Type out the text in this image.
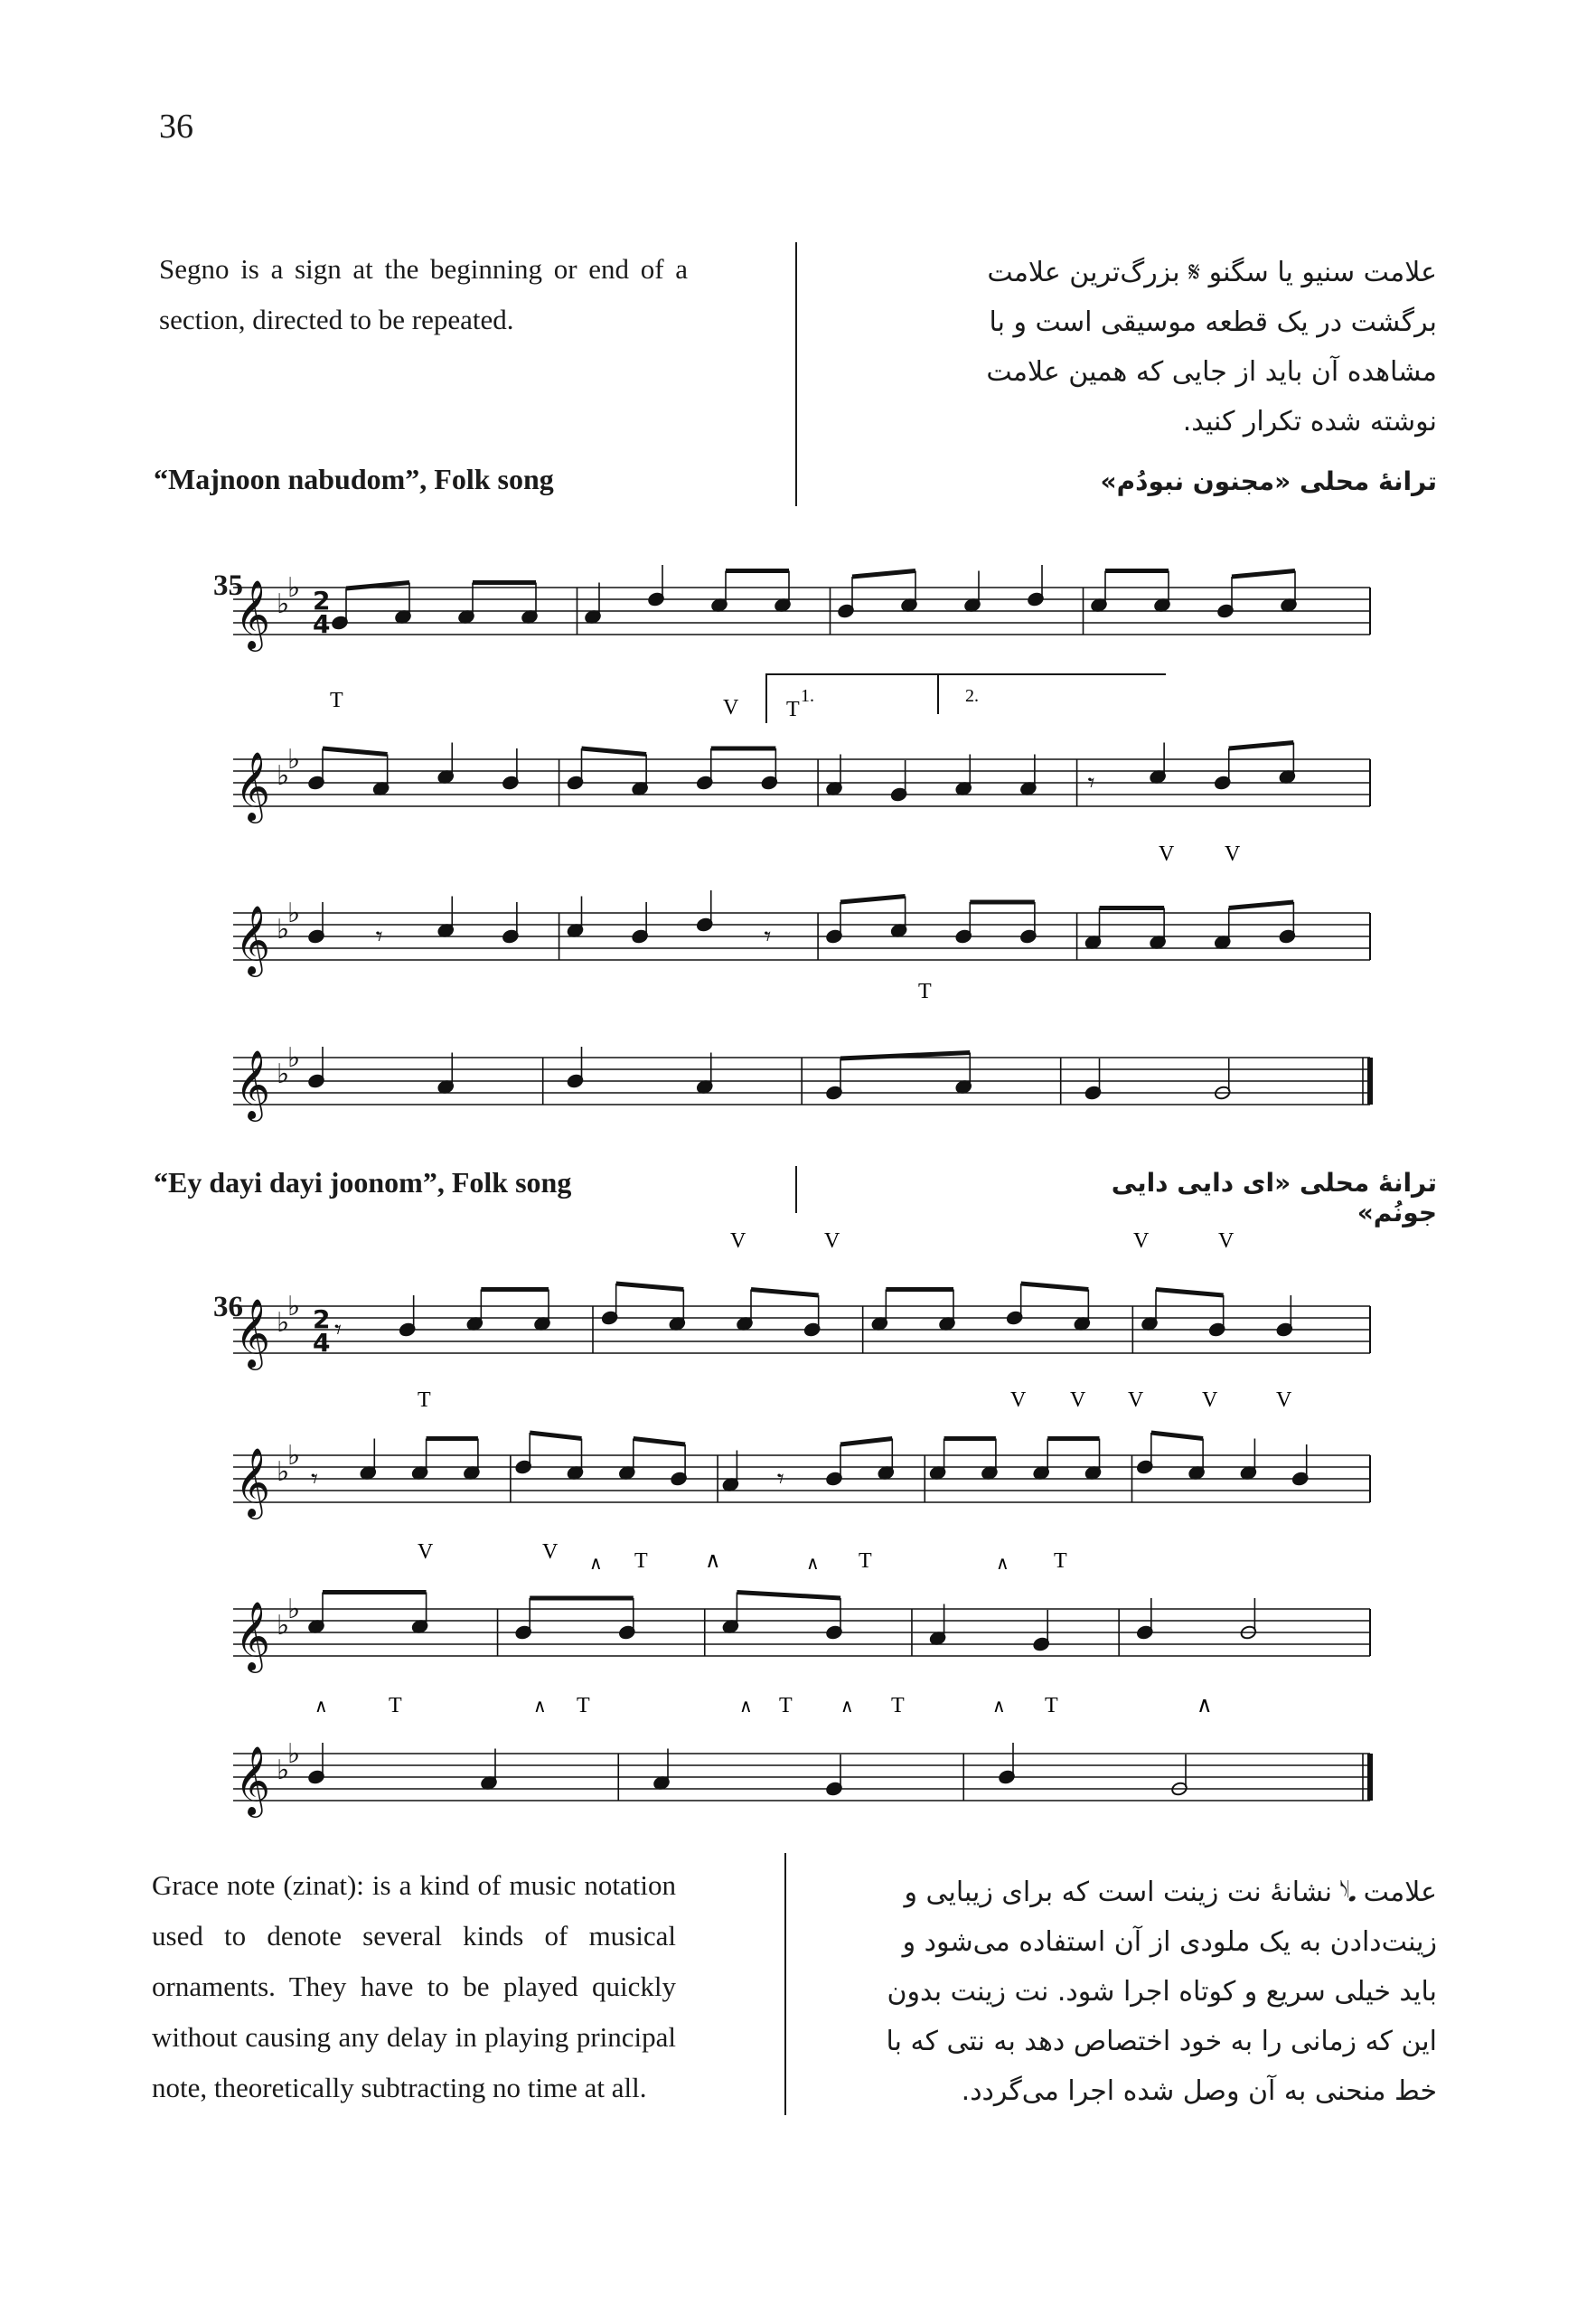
36
Segno is a sign at the beginning or end of a section, directed to be repeated.
علامت سنیو یا سگنو 𝄋 بزرگ‌ترین علامت برگشت در یک قطعه موسیقی است و با مشاهده آن باید از جایی که همین علامت نوشته شده تکرار کنید.
“Majnoon nabudom”, Folk song	ترانهٔ محلی «مجنون نبودُم»
35
𝄞 ♭
♭ 2
4
𝄞 ♭
♭
𝄾
𝄞 ♭
♭
𝄾	𝄾
𝄞 ♭
♭
T	V T
1.	2.
V V
T
“Ey dayi dayi joonom”, Folk song	ترانهٔ محلی «ای دایی دایی جونُم»
36
𝄞 ♭
♭ 2
4 𝄾
𝄞 ♭
♭
𝄾	𝄾
𝄞 ♭
♭
𝄞 ♭
♭
V	V	V	V
T	V V V	V	V
V	V ∧ T	∧	∧ T	∧ T
∧	T	∧ T	∧ T	∧ T	∧ T	∧
Grace note (zinat): is a kind of music notation used to denote several kinds of musical ornaments. They have to be played quickly without causing any delay in playing principal note, theoretically subtracting no time at all.
علامت 𝅘𝅥𝅮 نشانهٔ نت زینت است که برای زیبایی و زینت‌دادن به یک ملودی از آن استفاده می‌شود و باید خیلی سریع و کوتاه اجرا شود. نت زینت بدون این که زمانی را به خود اختصاص دهد به نتی که با خط منحنی به آن وصل شده اجرا می‌گردد.
